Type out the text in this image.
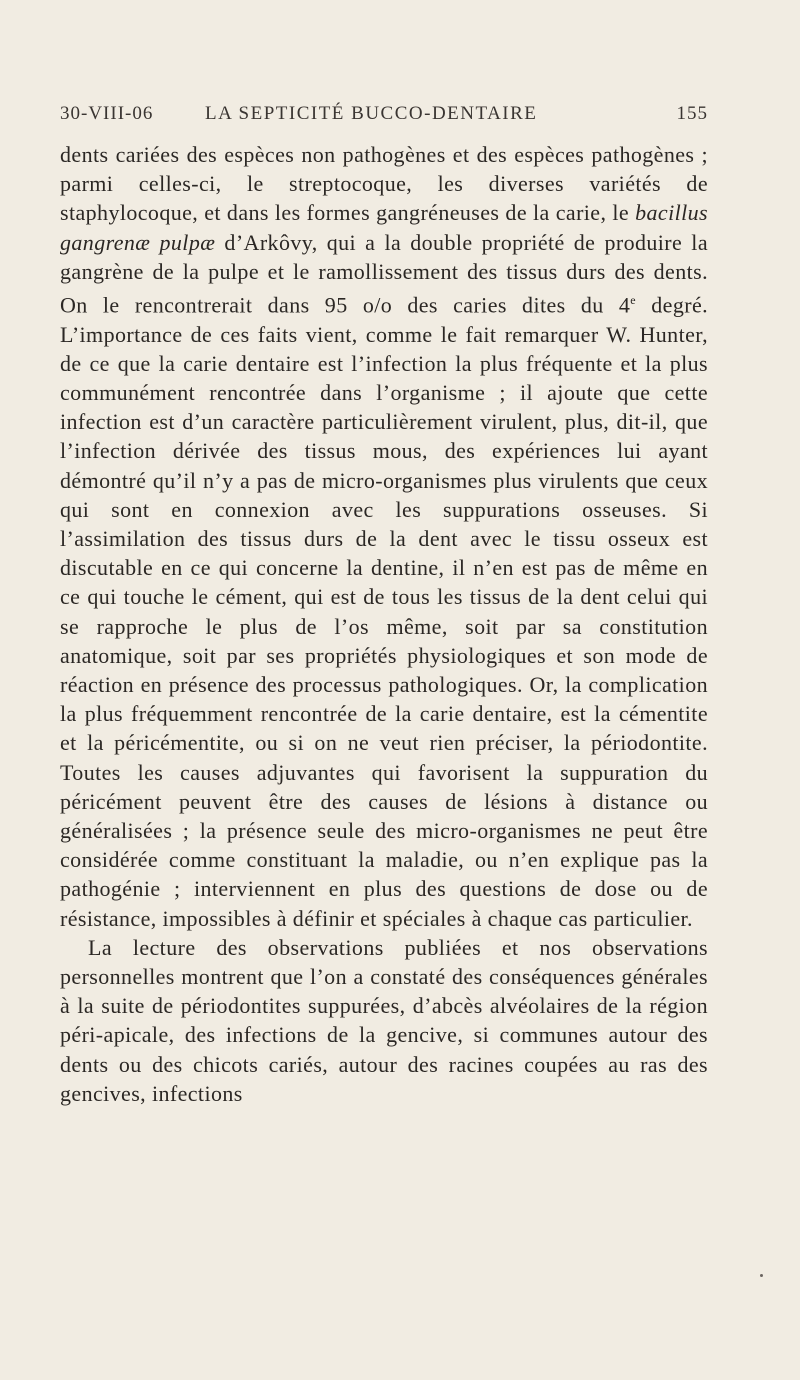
30-VIII-06	LA SEPTICITÉ BUCCO-DENTAIRE	155

dents cariées des espèces non pathogènes et des espèces pathogènes ; parmi celles-ci, le streptocoque, les diverses variétés de staphylocoque, et dans les formes gangréneuses de la carie, le bacillus gangrenæ pulpæ d’Arkôvy, qui a la double propriété de produire la gangrène de la pulpe et le ramollissement des tissus durs des dents. On le rencontrerait dans 95 o/o des caries dites du 4e degré. L’importance de ces faits vient, comme le fait remarquer W. Hunter, de ce que la carie dentaire est l’infection la plus fréquente et la plus communément rencontrée dans l’organisme ; il ajoute que cette infection est d’un caractère particulièrement virulent, plus, dit-il, que l’infection dérivée des tissus mous, des expériences lui ayant démontré qu’il n’y a pas de micro-organismes plus virulents que ceux qui sont en connexion avec les suppurations osseuses. Si l’assimilation des tissus durs de la dent avec le tissu osseux est discutable en ce qui concerne la dentine, il n’en est pas de même en ce qui touche le cément, qui est de tous les tissus de la dent celui qui se rapproche le plus de l’os même, soit par sa constitution anatomique, soit par ses propriétés physiologiques et son mode de réaction en présence des processus pathologiques. Or, la complication la plus fréquemment rencontrée de la carie dentaire, est la cémentite et la péricémentite, ou si on ne veut rien préciser, la périodontite. Toutes les causes adjuvantes qui favorisent la suppuration du péricément peuvent être des causes de lésions à distance ou généralisées ; la présence seule des micro-organismes ne peut être considérée comme constituant la maladie, ou n’en explique pas la pathogénie ; interviennent en plus des questions de dose ou de résistance, impossibles à définir et spéciales à chaque cas particulier.

La lecture des observations publiées et nos observations personnelles montrent que l’on a constaté des conséquences générales à la suite de périodontites suppurées, d’abcès alvéolaires de la région péri-apicale, des infections de la gencive, si communes autour des dents ou des chicots cariés, autour des racines coupées au ras des gencives, infections
